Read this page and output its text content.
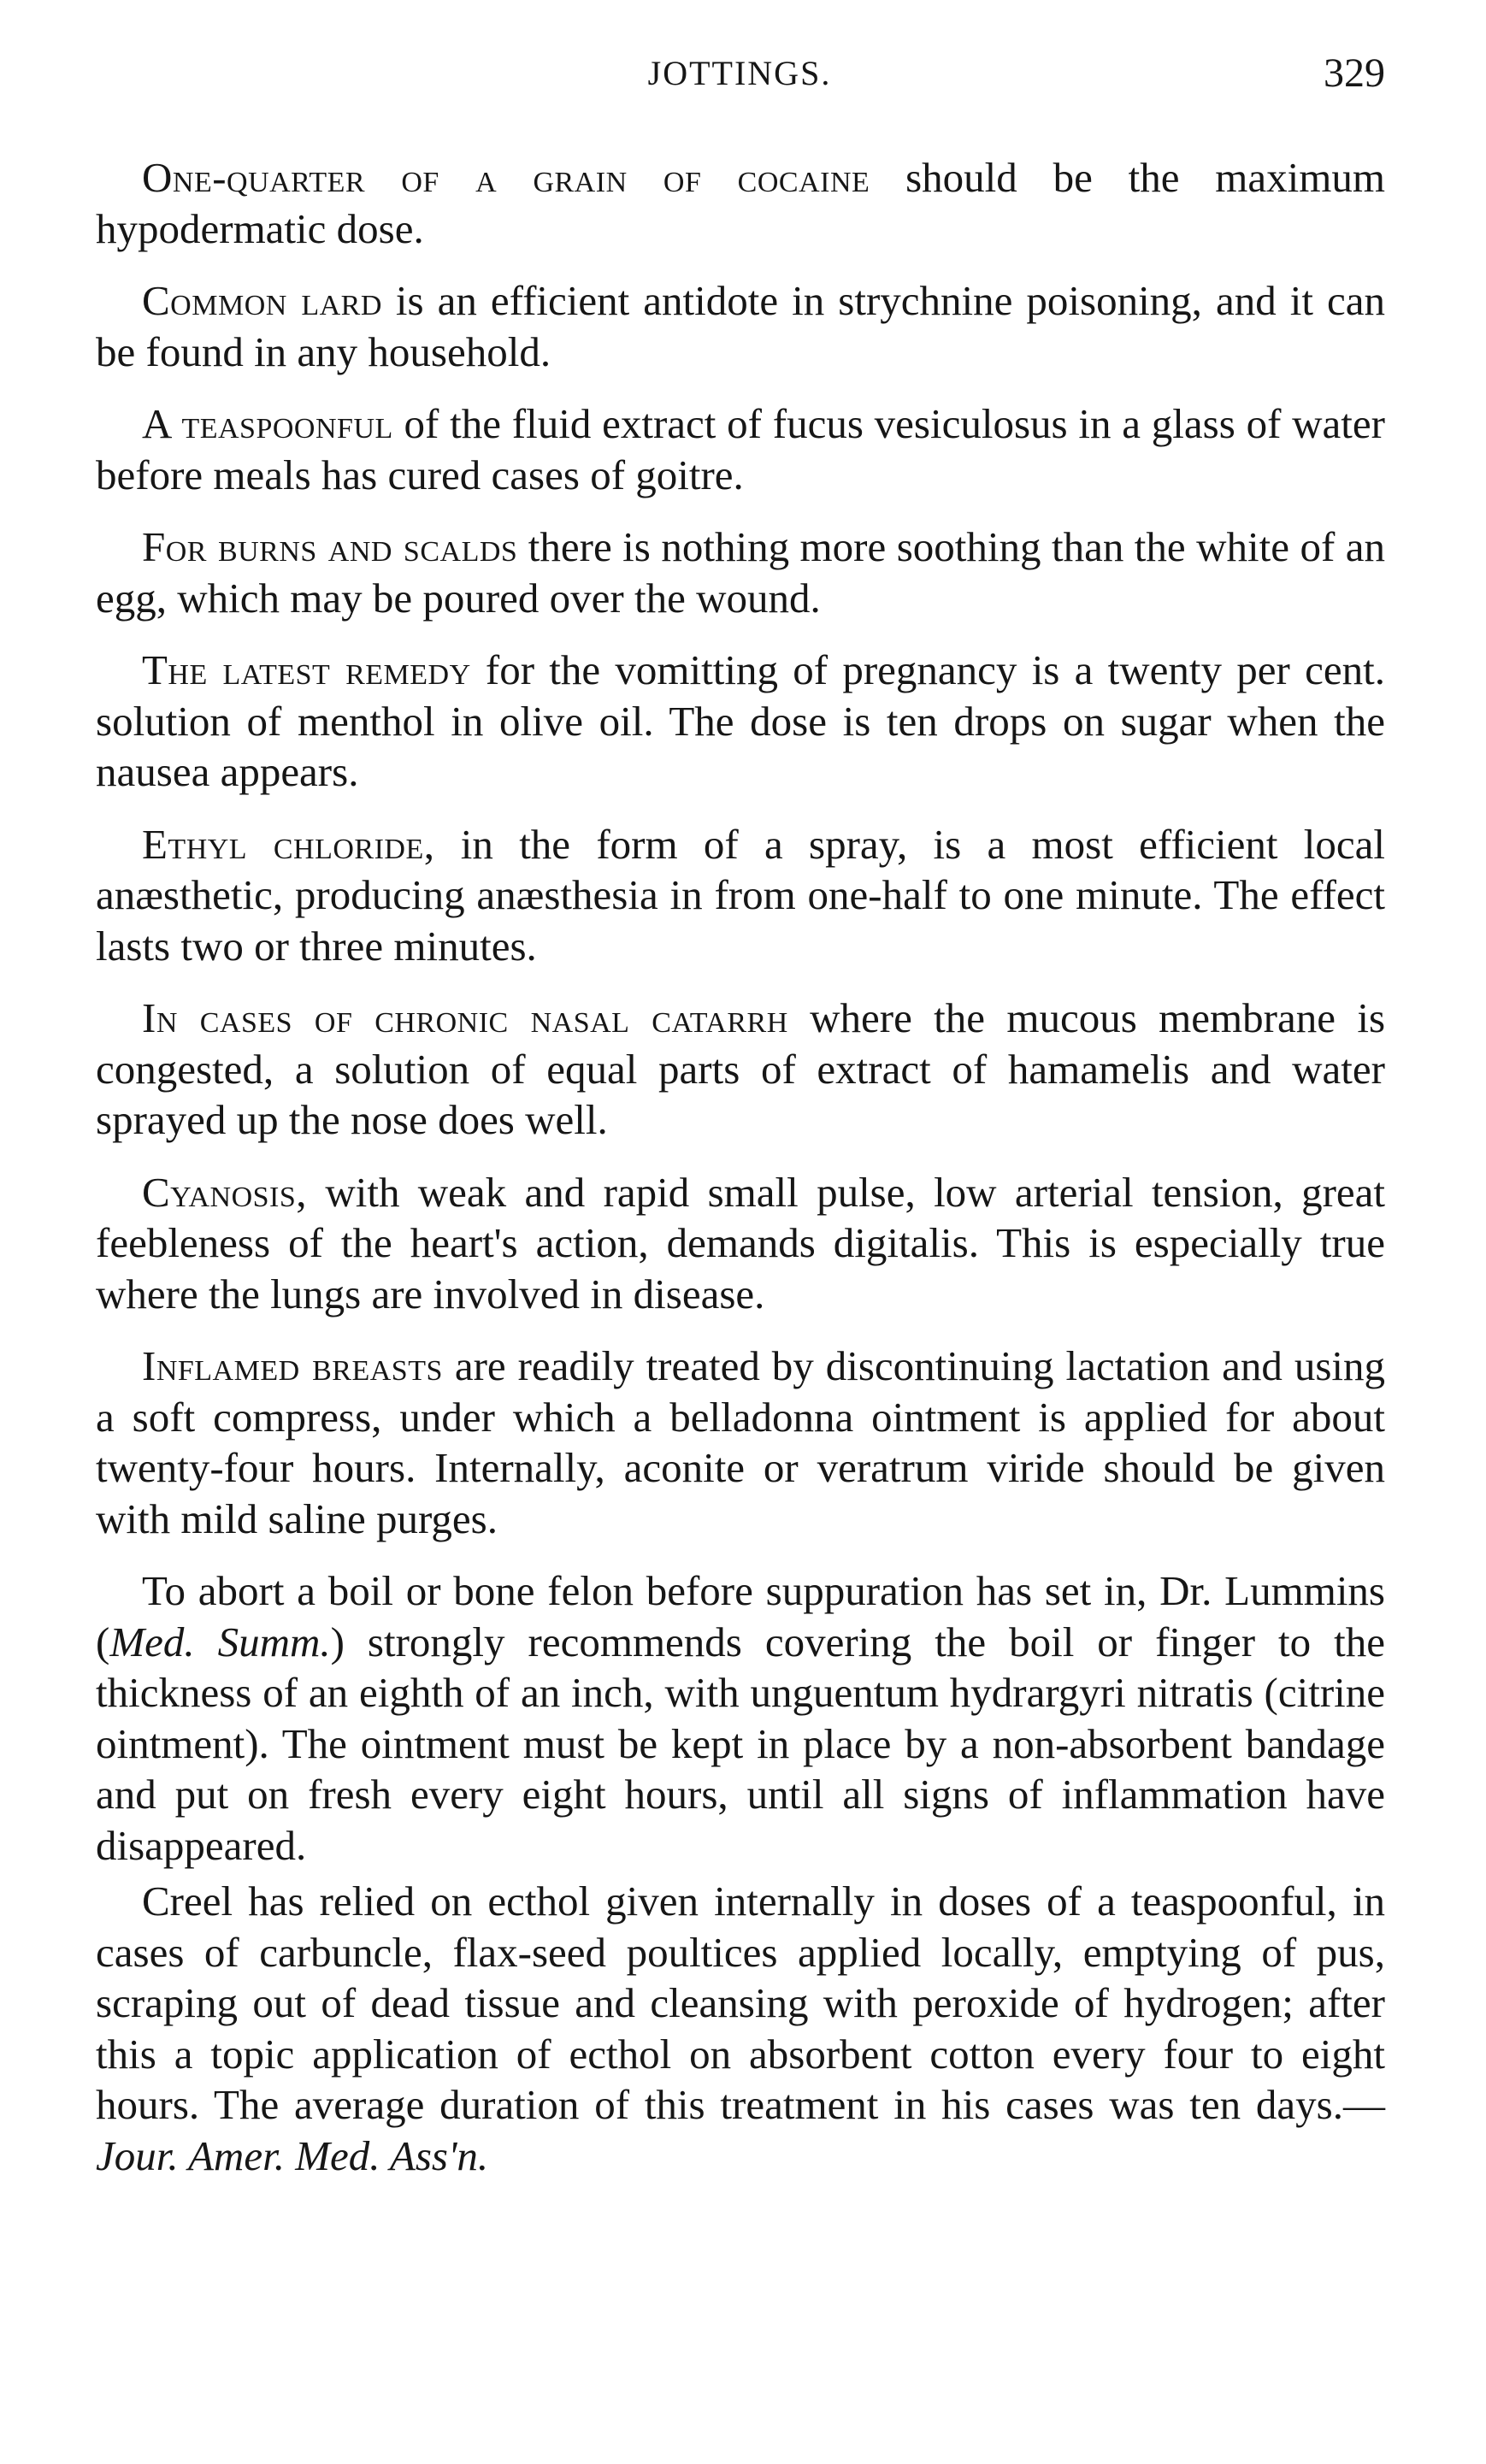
JOTTINGS.	329

One-quarter of a grain of cocaine should be the maximum hypodermatic dose.

Common lard is an efficient antidote in strychnine poisoning, and it can be found in any household.

A teaspoonful of the fluid extract of fucus vesiculosus in a glass of water before meals has cured cases of goitre.

For burns and scalds there is nothing more soothing than the white of an egg, which may be poured over the wound.

The latest remedy for the vomitting of pregnancy is a twenty per cent. solution of menthol in olive oil. The dose is ten drops on sugar when the nausea appears.

Ethyl chloride, in the form of a spray, is a most efficient local anæsthetic, producing anæsthesia in from one-half to one minute. The effect lasts two or three minutes.

In cases of chronic nasal catarrh where the mucous membrane is congested, a solution of equal parts of extract of hamamelis and water sprayed up the nose does well.

Cyanosis, with weak and rapid small pulse, low arterial tension, great feebleness of the heart's action, demands digitalis. This is especially true where the lungs are involved in disease.

Inflamed breasts are readily treated by discontinuing lactation and using a soft compress, under which a belladonna ointment is applied for about twenty-four hours. Internally, aconite or veratrum viride should be given with mild saline purges.

To abort a boil or bone felon before suppuration has set in, Dr. Lummins (Med. Summ.) strongly recommends covering the boil or finger to the thickness of an eighth of an inch, with unguentum hydrargyri nitratis (citrine ointment). The ointment must be kept in place by a non-absorbent bandage and put on fresh every eight hours, until all signs of inflammation have disappeared.

Creel has relied on ecthol given internally in doses of a teaspoonful, in cases of carbuncle, flax-seed poultices applied locally, emptying of pus, scraping out of dead tissue and cleansing with peroxide of hydrogen; after this a topic application of ecthol on absorbent cotton every four to eight hours. The average duration of this treatment in his cases was ten days.—Jour. Amer. Med. Ass'n.
